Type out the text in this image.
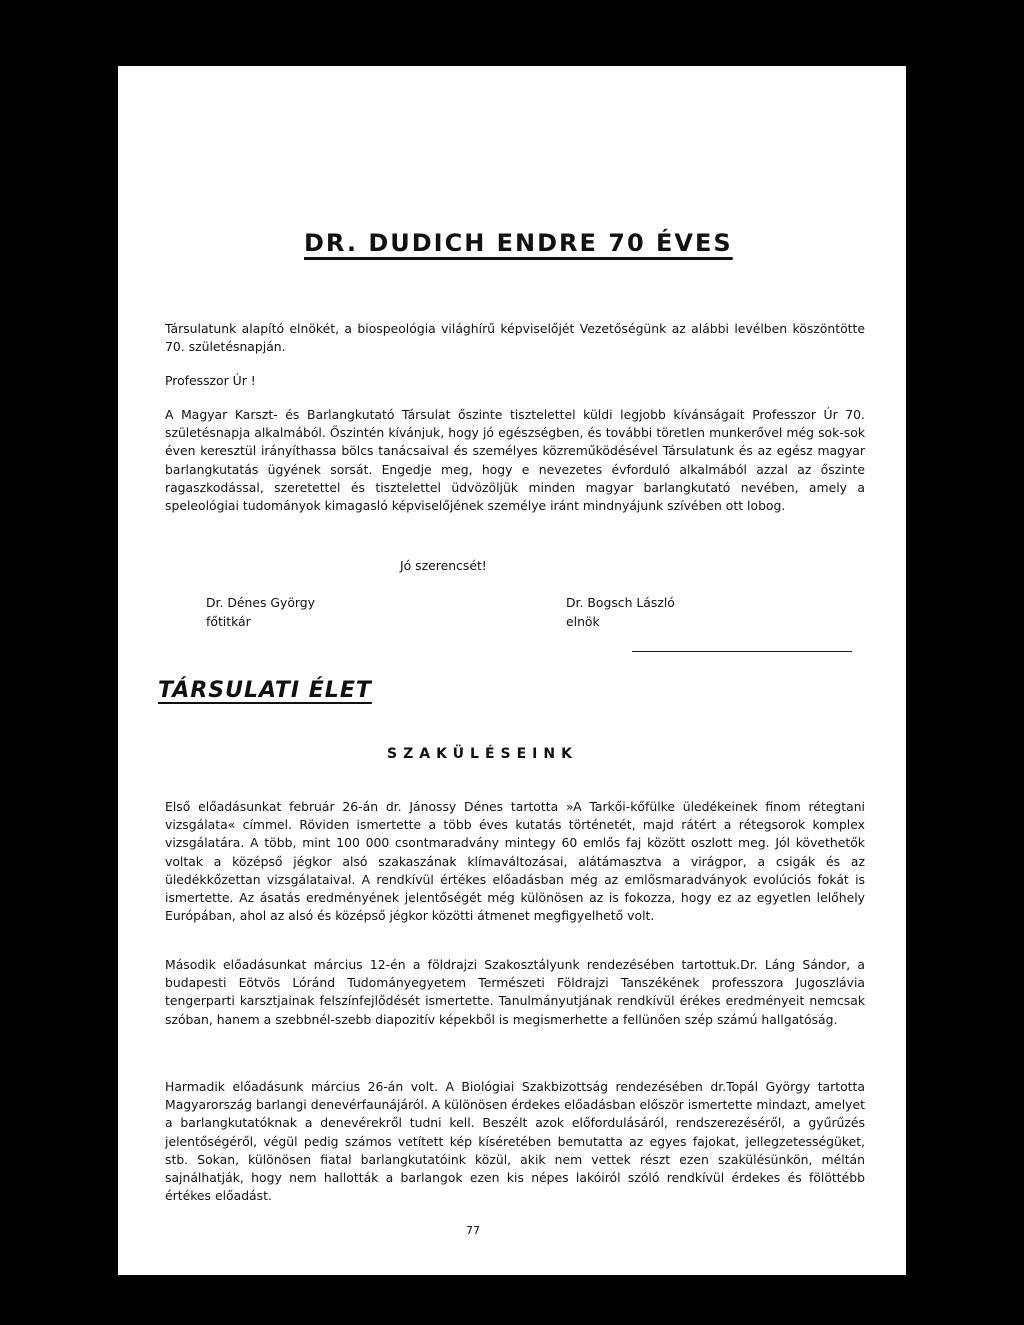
DR. DUDICH ENDRE 70 ÉVES

Társulatunk alapító elnökét, a biospeológia világhírű képviselőjét Vezetőségünk az alábbi levélben köszöntötte 70. születésnapján.

Professzor Úr !

A Magyar Karszt- és Barlangkutató Társulat őszinte tisztelettel küldi legjobb kívánságait Professzor Úr 70. születésnapja alkalmából. Őszintén kívánjuk, hogy jó egészségben, és további töretlen munkerővel még sok-sok éven keresztül irányíthassa bölcs tanácsaival és személyes közreműködésével Társulatunk és az egész magyar barlangkutatás ügyének sorsát. Engedje meg, hogy e nevezetes évforduló alkalmából azzal az őszinte ragaszkodással, szeretettel és tisztelettel üdvözöljük minden magyar barlangkutató nevében, amely a speleológiai tudományok kimagasló képviselőjének személye iránt mindnyájunk szívében ott lobog.

Jó szerencsét!

Dr. Dénes György
főtitkár
Dr. Bogsch László
elnök
TÁRSULATI ÉLET
SZAKÜLÉSEINK

Első előadásunkat február 26-án dr. Jánossy Dénes tartotta »A Tarkői-kőfülke üledékeinek finom rétegtani vizsgálata« címmel. Röviden ismertette a több éves kutatás történetét, majd rátért a rétegsorok komplex vizsgálatára. A több, mint 100 000 csontmaradvány mintegy 60 emlős faj között oszlott meg. Jól követhetők voltak a középső jégkor alsó szakaszának klímaváltozásai, alátámasztva a virágpor, a csigák és az üledékkőzettan vizsgálataival. A rendkívül értékes előadásban még az emlősmaradványok evolúciós fokát is ismertette. Az ásatás eredményének jelentőségét még különösen az is fokozza, hogy ez az egyetlen lelőhely Európában, ahol az alsó és középső jégkor közötti átmenet megfigyelhető volt.

Második előadásunkat március 12-én a földrajzi Szakosztályunk rendezésében tartottuk.Dr. Láng Sándor, a budapesti Eötvös Lóránd Tudományegyetem Természeti Földrajzi Tanszékének professzora Jugoszlávia tengerparti karsztjainak felszínfejlődését ismertette. Tanulmányutjának rendkívül érékes eredményeit nemcsak szóban, hanem a szebbnél-szebb diapozitív képekből is megismerhette a fellünően szép számú hallgatóság.

Harmadik előadásunk március 26-án volt. A Biológiai Szakbizottság rendezésében dr.Topál György tartotta Magyarország barlangi denevérfaunájáról. A különösen érdekes előadásban először ismertette mindazt, amelyet a barlangkutatóknak a denevérekről tudni kell. Beszélt azok előfordulásáról, rendszerezéséről, a gyűrűzés jelentőségéről, végül pedig számos vetített kép kíséretében bemutatta az egyes fajokat, jellegzetességüket, stb. Sokan, különösen fiatal barlangkutatóink közül, akik nem vettek részt ezen szakülésünkön, méltán sajnálhatják, hogy nem hallották a barlangok ezen kis népes lakóiról szóló rendkívül érdekes és fölöttébb értékes előadást.

77
